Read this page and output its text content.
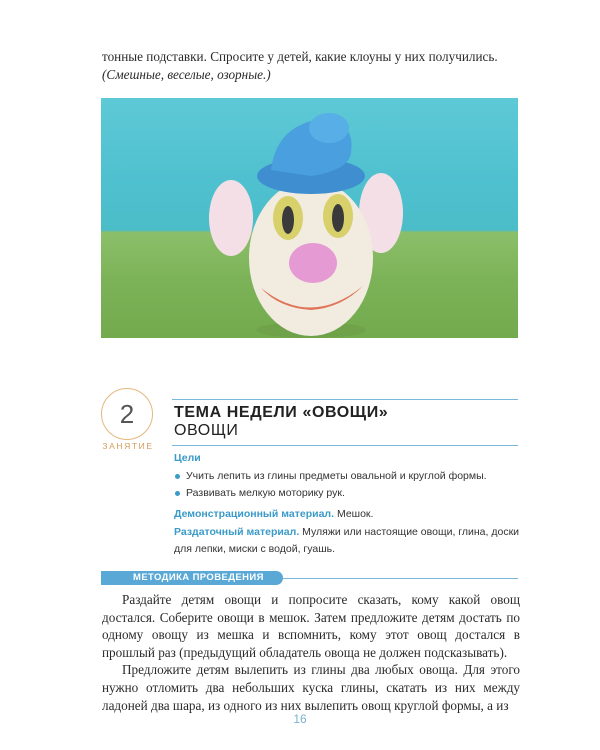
тонные подставки. Спросите у детей, какие клоуны у них получились.
(Смешные, веселые, озорные.)
2
ЗАНЯТИЕ
ТЕМА НЕДЕЛИ «ОВОЩИ»
ОВОЩИ
Цели
Учить лепить из глины предметы овальной и круглой формы.
Развивать мелкую моторику рук.
Демонстрационный материал. Мешок.
Раздаточный материал. Муляжи или настоящие овощи, глина, доски для лепки, миски с водой, гуашь.
МЕТОДИКА ПРОВЕДЕНИЯ

Раздайте детям овощи и попросите сказать, кому какой овощ достался. Соберите овощи в мешок. Затем предложите детям достать по одному овощу из мешка и вспомнить, кому этот овощ достался в прошлый раз (предыдущий обладатель овоща не должен подсказывать).

Предложите детям вылепить из глины два любых овоща. Для этого нужно отломить два небольших куска глины, скатать из них между ладоней два шара, из одного из них вылепить овощ круглой формы, а из

16
